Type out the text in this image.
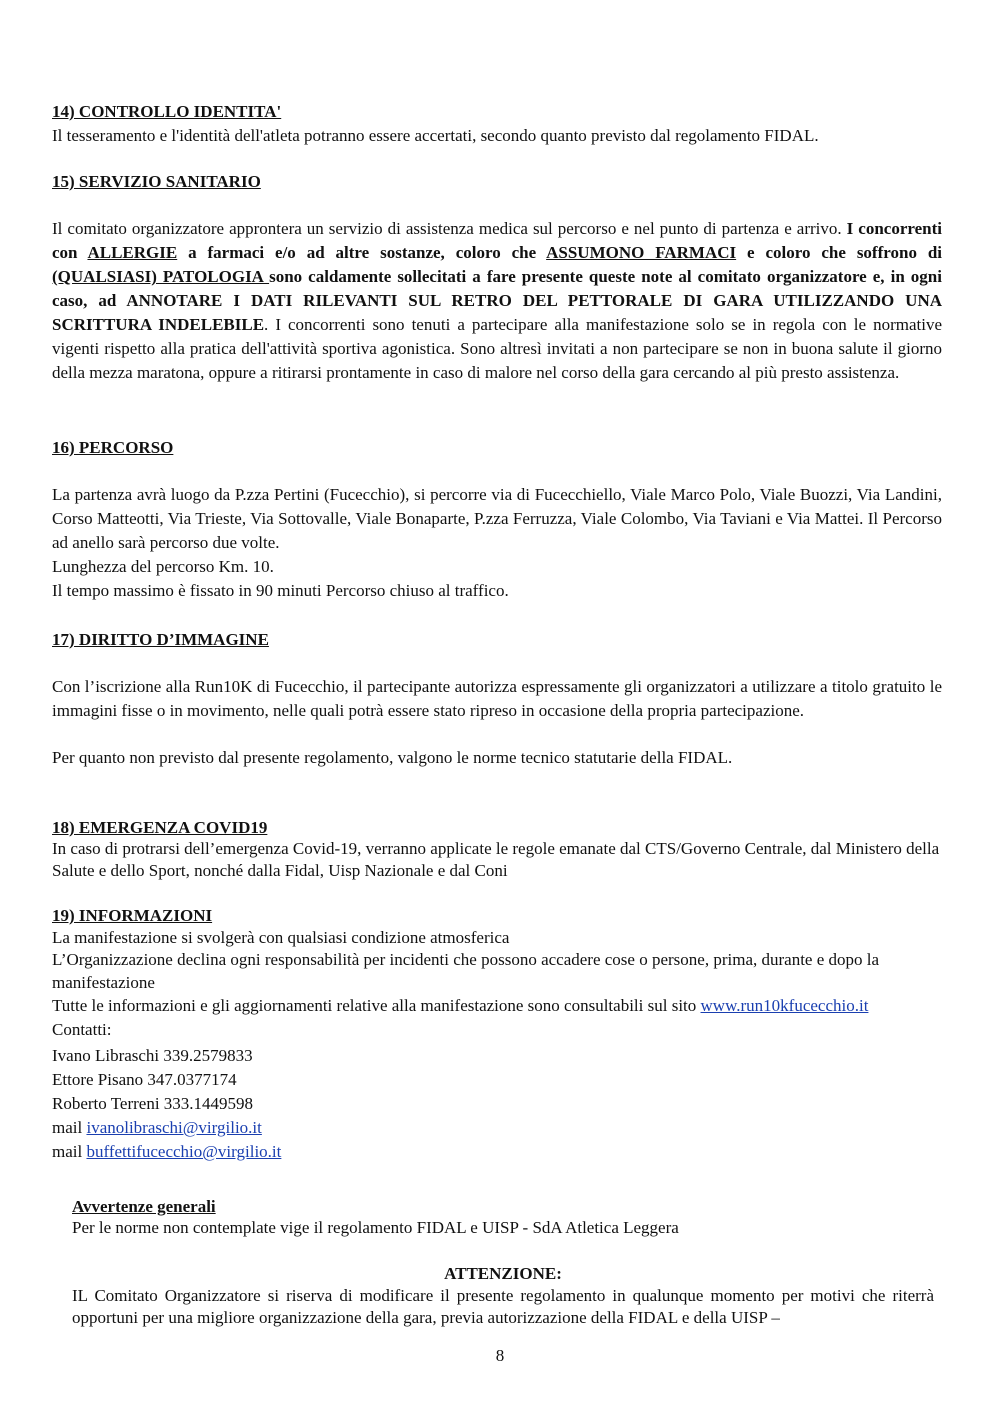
14) CONTROLLO IDENTITA'
Il tesseramento e l'identità dell'atleta potranno essere accertati, secondo quanto previsto dal regolamento FIDAL.
15) SERVIZIO SANITARIO
Il comitato organizzatore approntera un servizio di assistenza medica sul percorso e nel punto di partenza e arrivo. I concorrenti con ALLERGIE a farmaci e/o ad altre sostanze, coloro che ASSUMONO FARMACI e coloro che soffrono di (QUALSIASI) PATOLOGIA sono caldamente sollecitati a fare presente queste note al comitato organizzatore e, in ogni caso, ad ANNOTARE I DATI RILEVANTI SUL RETRO DEL PETTORALE DI GARA UTILIZZANDO UNA SCRITTURA INDELEBILE. I concorrenti sono tenuti a partecipare alla manifestazione solo se in regola con le normative vigenti rispetto alla pratica dell'attività sportiva agonistica. Sono altresì invitati a non partecipare se non in buona salute il giorno della mezza maratona, oppure a ritirarsi prontamente in caso di malore nel corso della gara cercando al più presto assistenza.
16) PERCORSO
La partenza avrà luogo da P.zza Pertini (Fucecchio), si percorre via di Fucecchiello, Viale Marco Polo, Viale Buozzi, Via Landini, Corso Matteotti, Via Trieste, Via Sottovalle, Viale Bonaparte, P.zza Ferruzza, Viale Colombo, Via Taviani e Via Mattei. Il Percorso ad anello sarà percorso due volte.
Lunghezza del percorso Km. 10.
Il tempo massimo è fissato in 90 minuti Percorso chiuso al traffico.
17) DIRITTO D’IMMAGINE
Con l’iscrizione alla Run10K di Fucecchio, il partecipante autorizza espressamente gli organizzatori a utilizzare a titolo gratuito le immagini fisse o in movimento, nelle quali potrà essere stato ripreso in occasione della propria partecipazione.
Per quanto non previsto dal presente regolamento, valgono le norme tecnico statutarie della FIDAL.
18) EMERGENZA COVID19
In caso di protrarsi dell’emergenza Covid-19, verranno applicate le regole emanate dal CTS/Governo Centrale, dal Ministero della Salute e dello Sport, nonché dalla Fidal, Uisp Nazionale e dal Coni
19) INFORMAZIONI
La manifestazione si svolgerà con qualsiasi condizione atmosferica
L’Organizzazione declina ogni responsabilità per incidenti che possono accadere cose o persone, prima, durante e dopo la manifestazione
Tutte le informazioni e gli aggiornamenti relative alla manifestazione sono consultabili sul sito www.run10kfucecchio.it
Contatti:
Ivano Libraschi 339.2579833
Ettore Pisano 347.0377174
Roberto Terreni 333.1449598
mail ivanolibraschi@virgilio.it
mail buffettifucecchio@virgilio.it
Avvertenze generali
Per le norme non contemplate vige il regolamento FIDAL e UISP - SdA Atletica Leggera
ATTENZIONE:
IL Comitato Organizzatore si riserva di modificare il presente regolamento in qualunque momento per motivi che riterrà opportuni per una migliore organizzazione della gara, previa autorizzazione della FIDAL e della UISP –
8
